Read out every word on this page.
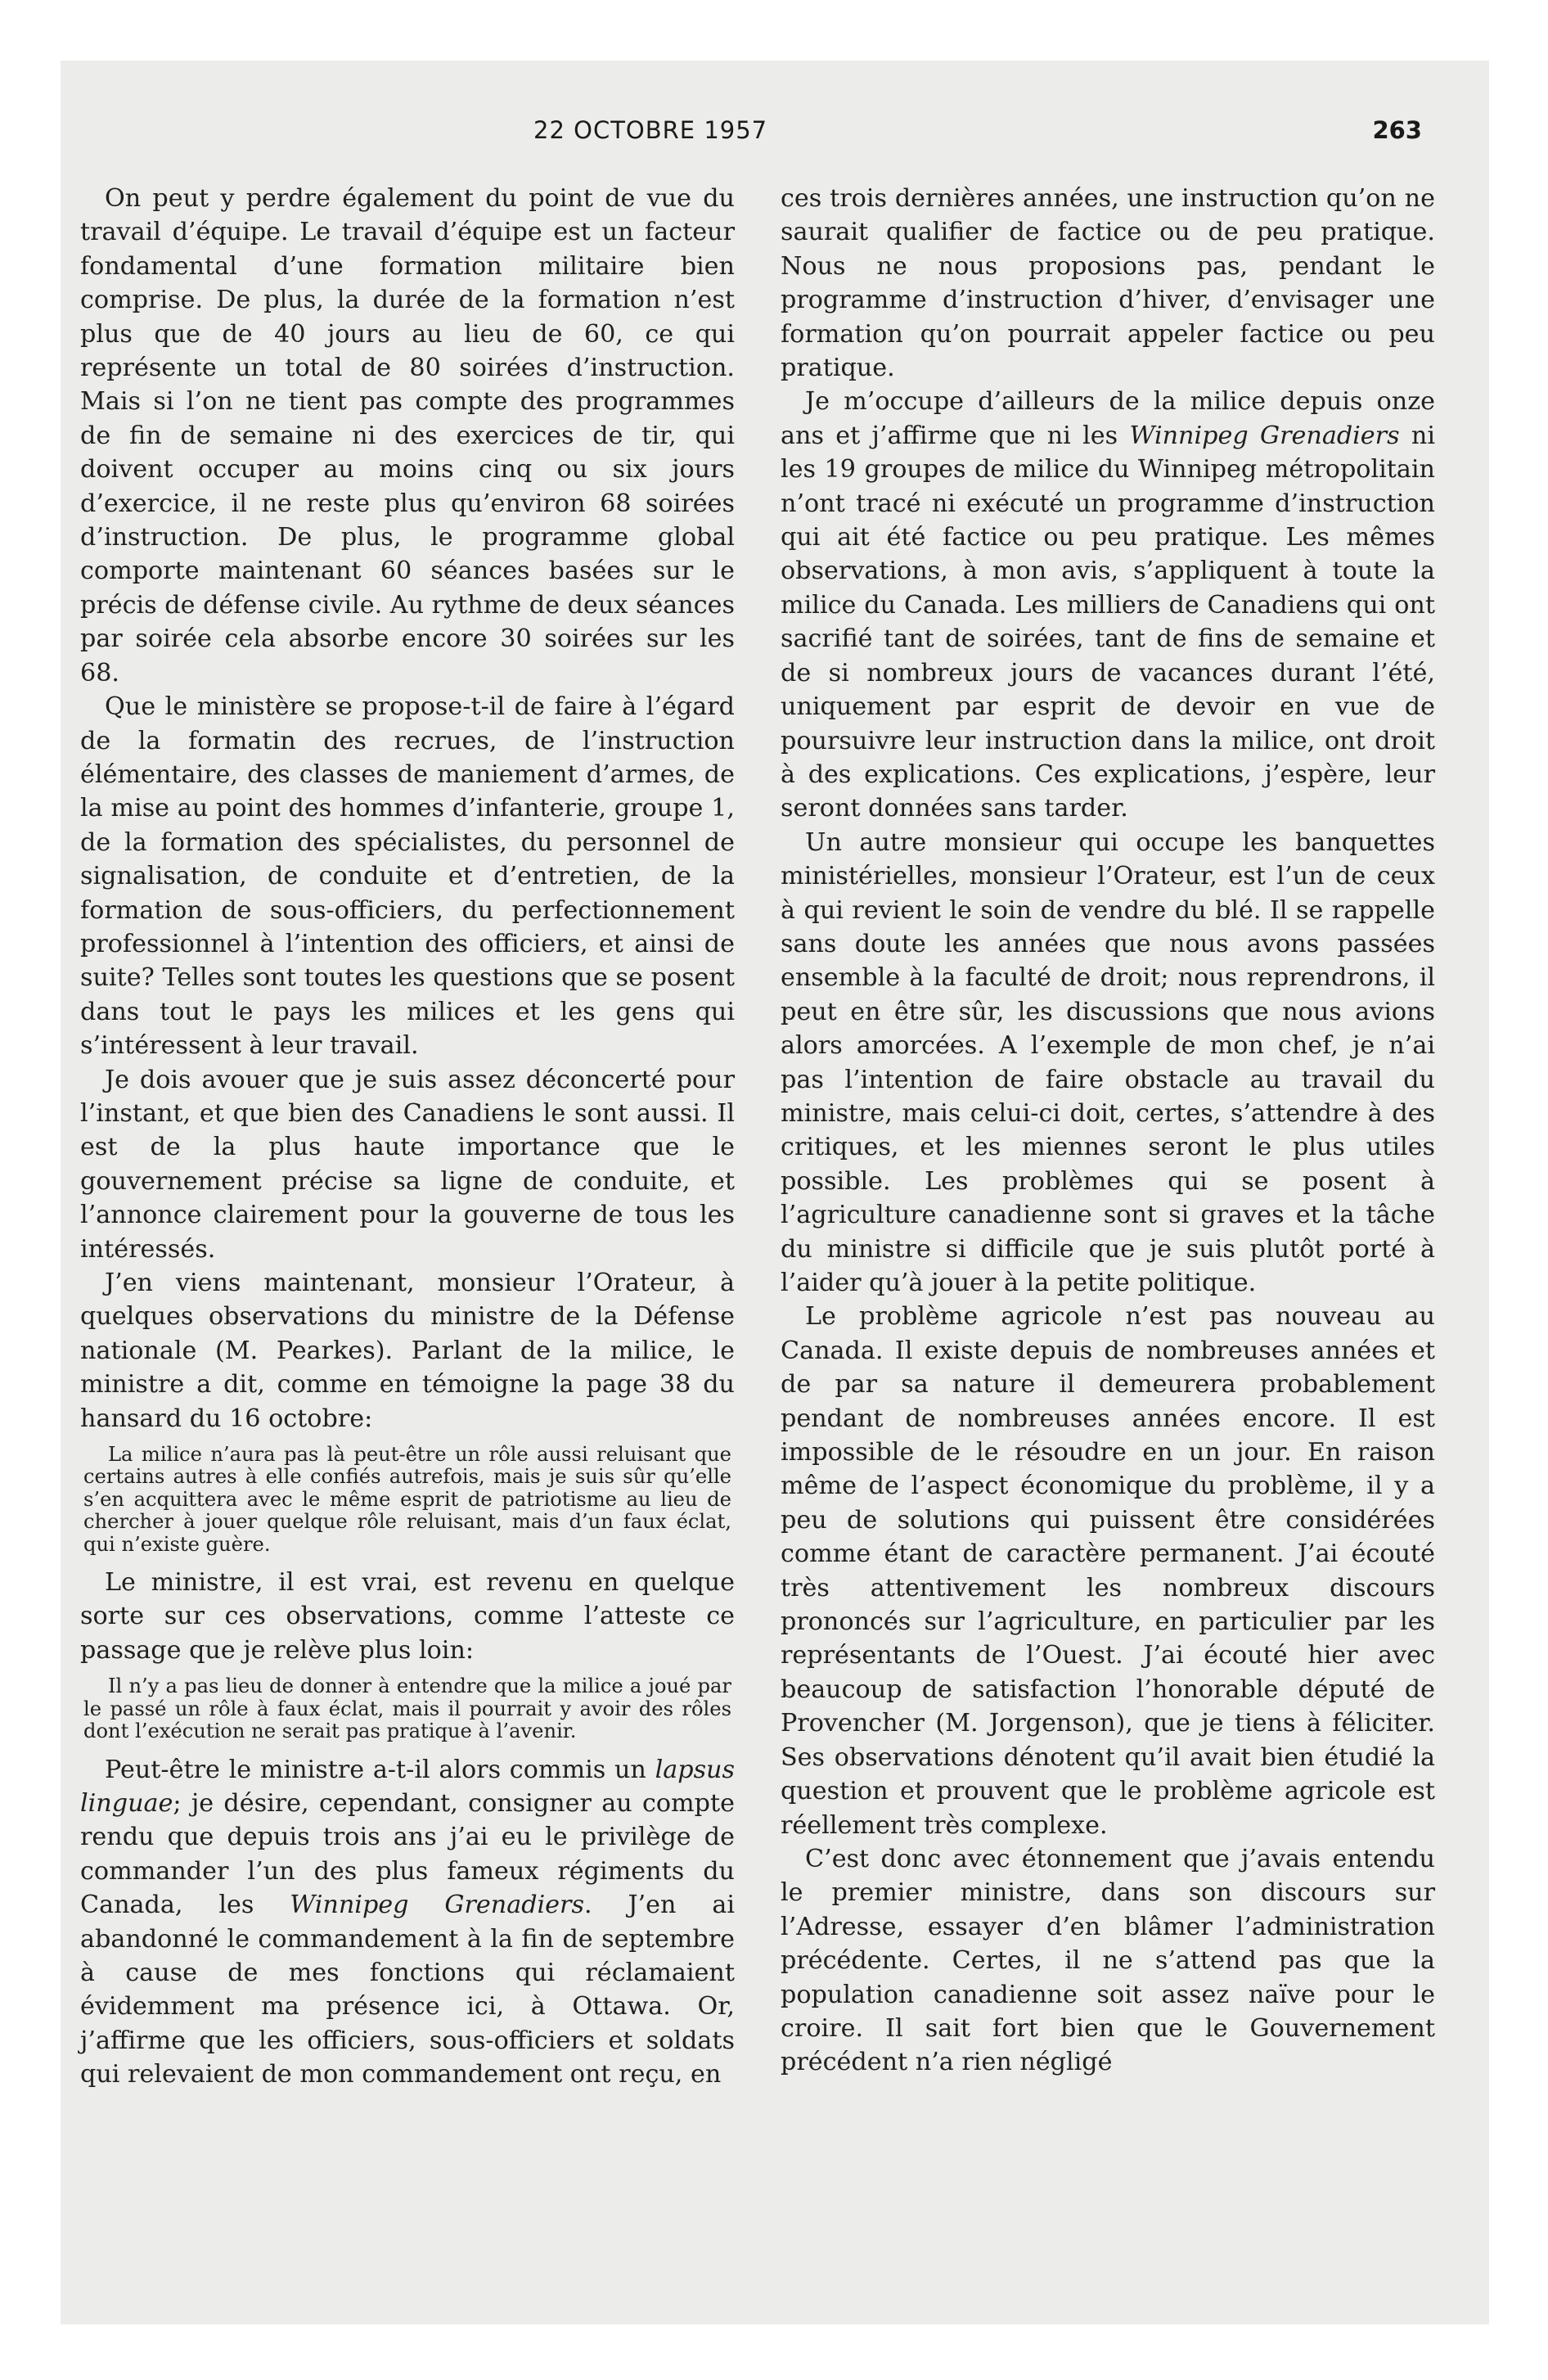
22 OCTOBRE 1957	263

On peut y perdre également du point de vue du travail d’équipe. Le travail d’équipe est un facteur fondamental d’une formation militaire bien comprise. De plus, la durée de la formation n’est plus que de 40 jours au lieu de 60, ce qui représente un total de 80 soirées d’instruction. Mais si l’on ne tient pas compte des programmes de fin de semaine ni des exercices de tir, qui doivent occuper au moins cinq ou six jours d’exercice, il ne reste plus qu’environ 68 soirées d’instruction. De plus, le programme global comporte maintenant 60 séances basées sur le précis de défense civile. Au rythme de deux séances par soirée cela absorbe encore 30 soirées sur les 68.

Que le ministère se propose-t-il de faire à l’égard de la formatin des recrues, de l’instruction élémentaire, des classes de maniement d’armes, de la mise au point des hommes d’infanterie, groupe 1, de la formation des spécialistes, du personnel de signalisation, de conduite et d’entretien, de la formation de sous-officiers, du perfectionnement professionnel à l’intention des officiers, et ainsi de suite? Telles sont toutes les questions que se posent dans tout le pays les milices et les gens qui s’intéressent à leur travail.

Je dois avouer que je suis assez déconcerté pour l’instant, et que bien des Canadiens le sont aussi. Il est de la plus haute importance que le gouvernement précise sa ligne de conduite, et l’annonce clairement pour la gouverne de tous les intéressés.

J’en viens maintenant, monsieur l’Orateur, à quelques observations du ministre de la Défense nationale (M. Pearkes). Parlant de la milice, le ministre a dit, comme en témoigne la page 38 du hansard du 16 octobre:

La milice n’aura pas là peut-être un rôle aussi reluisant que certains autres à elle confiés autrefois, mais je suis sûr qu’elle s’en acquittera avec le même esprit de patriotisme au lieu de chercher à jouer quelque rôle reluisant, mais d’un faux éclat, qui n’existe guère.

Le ministre, il est vrai, est revenu en quelque sorte sur ces observations, comme l’atteste ce passage que je relève plus loin:

Il n’y a pas lieu de donner à entendre que la milice a joué par le passé un rôle à faux éclat, mais il pourrait y avoir des rôles dont l’exécution ne serait pas pratique à l’avenir.

Peut-être le ministre a-t-il alors commis un lapsus linguae; je désire, cependant, consigner au compte rendu que depuis trois ans j’ai eu le privilège de commander l’un des plus fameux régiments du Canada, les Winnipeg Grenadiers. J’en ai abandonné le commandement à la fin de septembre à cause de mes fonctions qui réclamaient évidemment ma présence ici, à Ottawa. Or, j’affirme que les officiers, sous-officiers et soldats qui relevaient de mon commandement ont reçu, en

ces trois dernières années, une instruction qu’on ne saurait qualifier de factice ou de peu pratique. Nous ne nous proposions pas, pendant le programme d’instruction d’hiver, d’envisager une formation qu’on pourrait appeler factice ou peu pratique.

Je m’occupe d’ailleurs de la milice depuis onze ans et j’affirme que ni les Winnipeg Grenadiers ni les 19 groupes de milice du Winnipeg métropolitain n’ont tracé ni exécuté un programme d’instruction qui ait été factice ou peu pratique. Les mêmes observations, à mon avis, s’appliquent à toute la milice du Canada. Les milliers de Canadiens qui ont sacrifié tant de soirées, tant de fins de semaine et de si nombreux jours de vacances durant l’été, uniquement par esprit de devoir en vue de poursuivre leur instruction dans la milice, ont droit à des explications. Ces explications, j’espère, leur seront données sans tarder.

Un autre monsieur qui occupe les banquettes ministérielles, monsieur l’Orateur, est l’un de ceux à qui revient le soin de vendre du blé. Il se rappelle sans doute les années que nous avons passées ensemble à la faculté de droit; nous reprendrons, il peut en être sûr, les discussions que nous avions alors amorcées. A l’exemple de mon chef, je n’ai pas l’intention de faire obstacle au travail du ministre, mais celui-ci doit, certes, s’attendre à des critiques, et les miennes seront le plus utiles possible. Les problèmes qui se posent à l’agriculture canadienne sont si graves et la tâche du ministre si difficile que je suis plutôt porté à l’aider qu’à jouer à la petite politique.

Le problème agricole n’est pas nouveau au Canada. Il existe depuis de nombreuses années et de par sa nature il demeurera probablement pendant de nombreuses années encore. Il est impossible de le résoudre en un jour. En raison même de l’aspect économique du problème, il y a peu de solutions qui puissent être considérées comme étant de caractère permanent. J’ai écouté très attentivement les nombreux discours prononcés sur l’agriculture, en particulier par les représentants de l’Ouest. J’ai écouté hier avec beaucoup de satisfaction l’honorable député de Provencher (M. Jorgenson), que je tiens à féliciter. Ses observations dénotent qu’il avait bien étudié la question et prouvent que le problème agricole est réellement très complexe.

C’est donc avec étonnement que j’avais entendu le premier ministre, dans son discours sur l’Adresse, essayer d’en blâmer l’administration précédente. Certes, il ne s’attend pas que la population canadienne soit assez naïve pour le croire. Il sait fort bien que le Gouvernement précédent n’a rien négligé
